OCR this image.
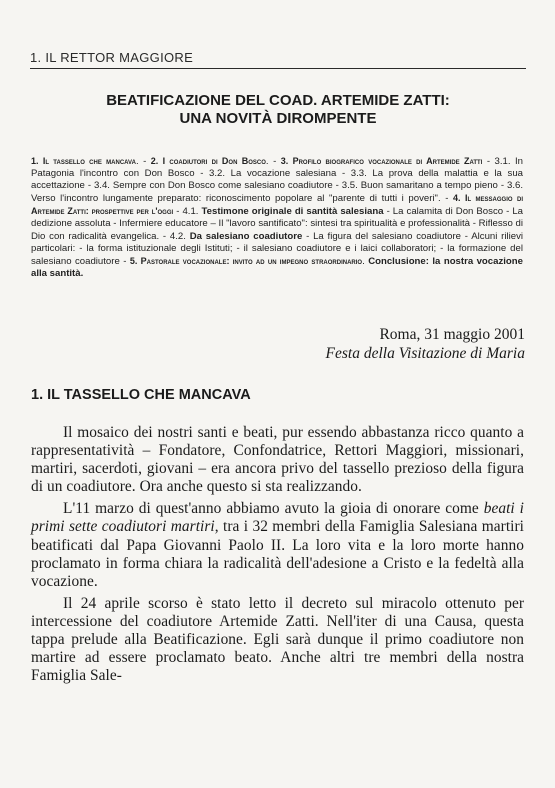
1. IL RETTOR MAGGIORE
BEATIFICAZIONE DEL COAD. ARTEMIDE ZATTI:
UNA NOVITÀ DIROMPENTE
1. Il tassello che mancava. - 2. I coadiutori di Don Bosco. - 3. Profilo biografico vocazionale di Artemide Zatti - 3.1. In Patagonia l'incontro con Don Bosco - 3.2. La vocazione salesiana - 3.3. La prova della malattia e la sua accettazione - 3.4. Sempre con Don Bosco come salesiano coadiutore - 3.5. Buon samaritano a tempo pieno - 3.6. Verso l'incontro lungamente preparato: riconoscimento popolare al "parente di tutti i poveri". - 4. Il messaggio di Artemide Zatti: prospettive per l'oggi - 4.1. Testimone originale di santità salesiana - La calamita di Don Bosco - La dedizione assoluta - Infermiere educatore – Il "lavoro santificato": sintesi tra spiritualità e professionalità - Riflesso di Dio con radicalità evangelica. - 4.2. Da salesiano coadiutore - La figura del salesiano coadiutore - Alcuni rilievi particolari: - la forma istituzionale degli Istituti; - il salesiano coadiutore e i laici collaboratori; - la formazione del salesiano coadiutore - 5. Pastorale vocazionale: invito ad un impegno straordinario. Conclusione: la nostra vocazione alla santità.
Roma, 31 maggio 2001
Festa della Visitazione di Maria
1. IL TASSELLO CHE MANCAVA

Il mosaico dei nostri santi e beati, pur essendo abbastanza ricco quanto a rappresentatività – Fondatore, Confondatrice, Rettori Maggiori, missionari, martiri, sacerdoti, giovani – era ancora privo del tassello prezioso della figura di un coadiutore. Ora anche questo si sta realizzando.

L'11 marzo di quest'anno abbiamo avuto la gioia di onorare come beati i primi sette coadiutori martiri, tra i 32 membri della Famiglia Salesiana martiri beatificati dal Papa Giovanni Paolo II. La loro vita e la loro morte hanno proclamato in forma chiara la radicalità dell'adesione a Cristo e la fedeltà alla vocazione.

Il 24 aprile scorso è stato letto il decreto sul miracolo ottenuto per intercessione del coadiutore Artemide Zatti. Nell'iter di una Causa, questa tappa prelude alla Beatificazione. Egli sarà dunque il primo coadiutore non martire ad essere proclamato beato. Anche altri tre membri della nostra Famiglia Sale-
